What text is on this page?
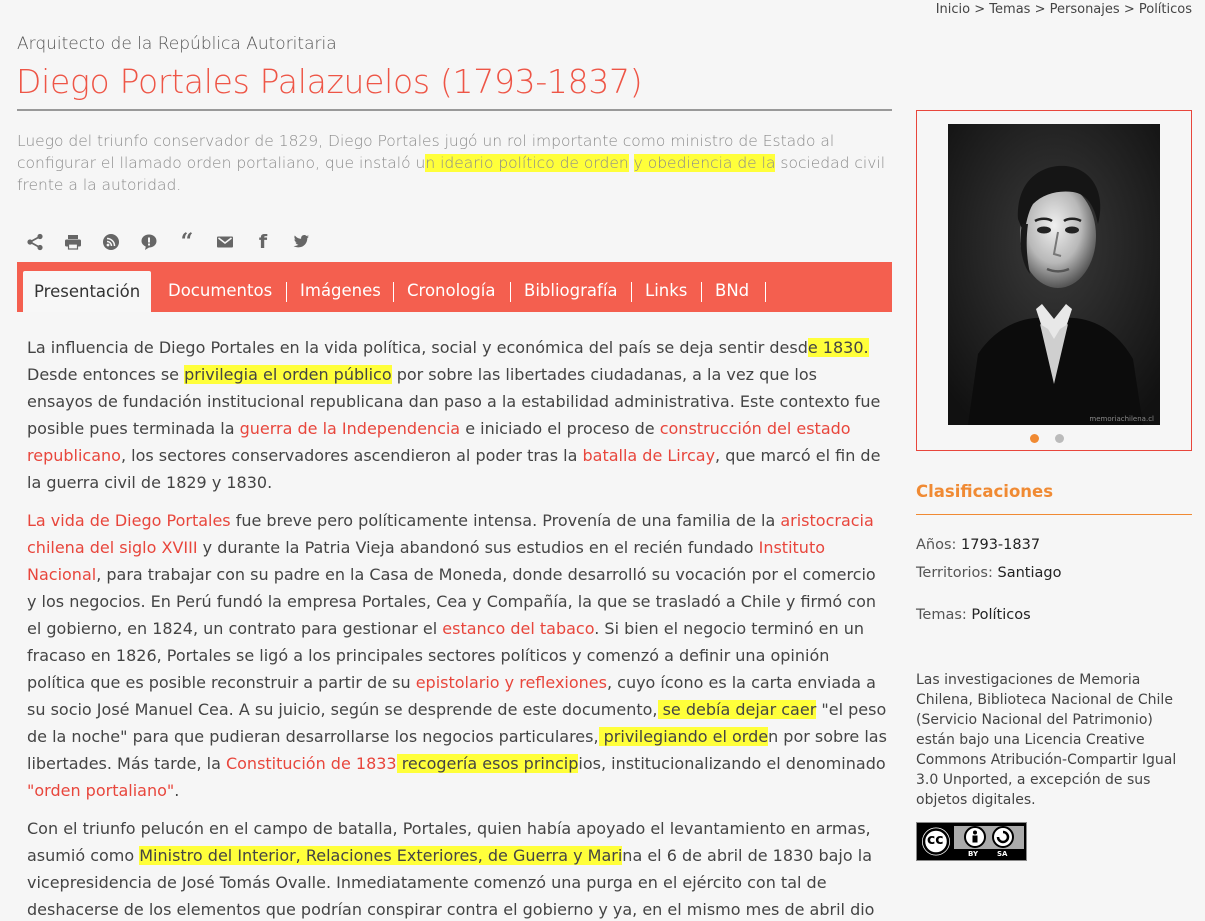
Inicio > Temas > Personajes > Políticos
Arquitecto de la República Autoritaria
Diego Portales Palazuelos (1793-1837)

Luego del triunfo conservador de 1829, Diego Portales jugó un rol importante como ministro de Estado al configurar el llamado orden portaliano, que instaló un ideario político de orden y obediencia de la sociedad civil frente a la autoridad.

“	f
Presentación	Documentos Imágenes Cronología Bibliografía Links BNd

La influencia de Diego Portales en la vida política, social y económica del país se deja sentir desde 1830. Desde entonces se privilegia el orden público por sobre las libertades ciudadanas, a la vez que los ensayos de fundación institucional republicana dan paso a la estabilidad administrativa. Este contexto fue posible pues terminada la guerra de la Independencia e iniciado el proceso de construcción del estado republicano, los sectores conservadores ascendieron al poder tras la batalla de Lircay, que marcó el fin de la guerra civil de 1829 y 1830.

La vida de Diego Portales fue breve pero políticamente intensa. Provenía de una familia de la aristocracia chilena del siglo XVIII y durante la Patria Vieja abandonó sus estudios en el recién fundado Instituto Nacional, para trabajar con su padre en la Casa de Moneda, donde desarrolló su vocación por el comercio y los negocios. En Perú fundó la empresa Portales, Cea y Compañía, la que se trasladó a Chile y firmó con el gobierno, en 1824, un contrato para gestionar el estanco del tabaco. Si bien el negocio terminó en un fracaso en 1826, Portales se ligó a los principales sectores políticos y comenzó a definir una opinión política que es posible reconstruir a partir de su epistolario y reflexiones, cuyo ícono es la carta enviada a su socio José Manuel Cea. A su juicio, según se desprende de este documento, se debía dejar caer "el peso de la noche" para que pudieran desarrollarse los negocios particulares, privilegiando el orden por sobre las libertades. Más tarde, la Constitución de 1833 recogería esos principios, institucionalizando el denominado "orden portaliano".

Con el triunfo pelucón en el campo de batalla, Portales, quien había apoyado el levantamiento en armas, asumió como Ministro del Interior, Relaciones Exteriores, de Guerra y Marina el 6 de abril de 1830 bajo la vicepresidencia de José Tomás Ovalle. Inmediatamente comenzó una purga en el ejército con tal de deshacerse de los elementos que podrían conspirar contra el gobierno y ya, en el mismo mes de abril dio

memoriachilena.cl
Clasificaciones
Años: 1793-1837
Territorios: Santiago
Temas: Políticos

Las investigaciones de Memoria Chilena, Biblioteca Nacional de Chile (Servicio Nacional del Patrimonio) están bajo una Licencia Creative Commons Atribución-Compartir Igual 3.0 Unported, a excepción de sus objetos digitales.

cc
BY	SA
